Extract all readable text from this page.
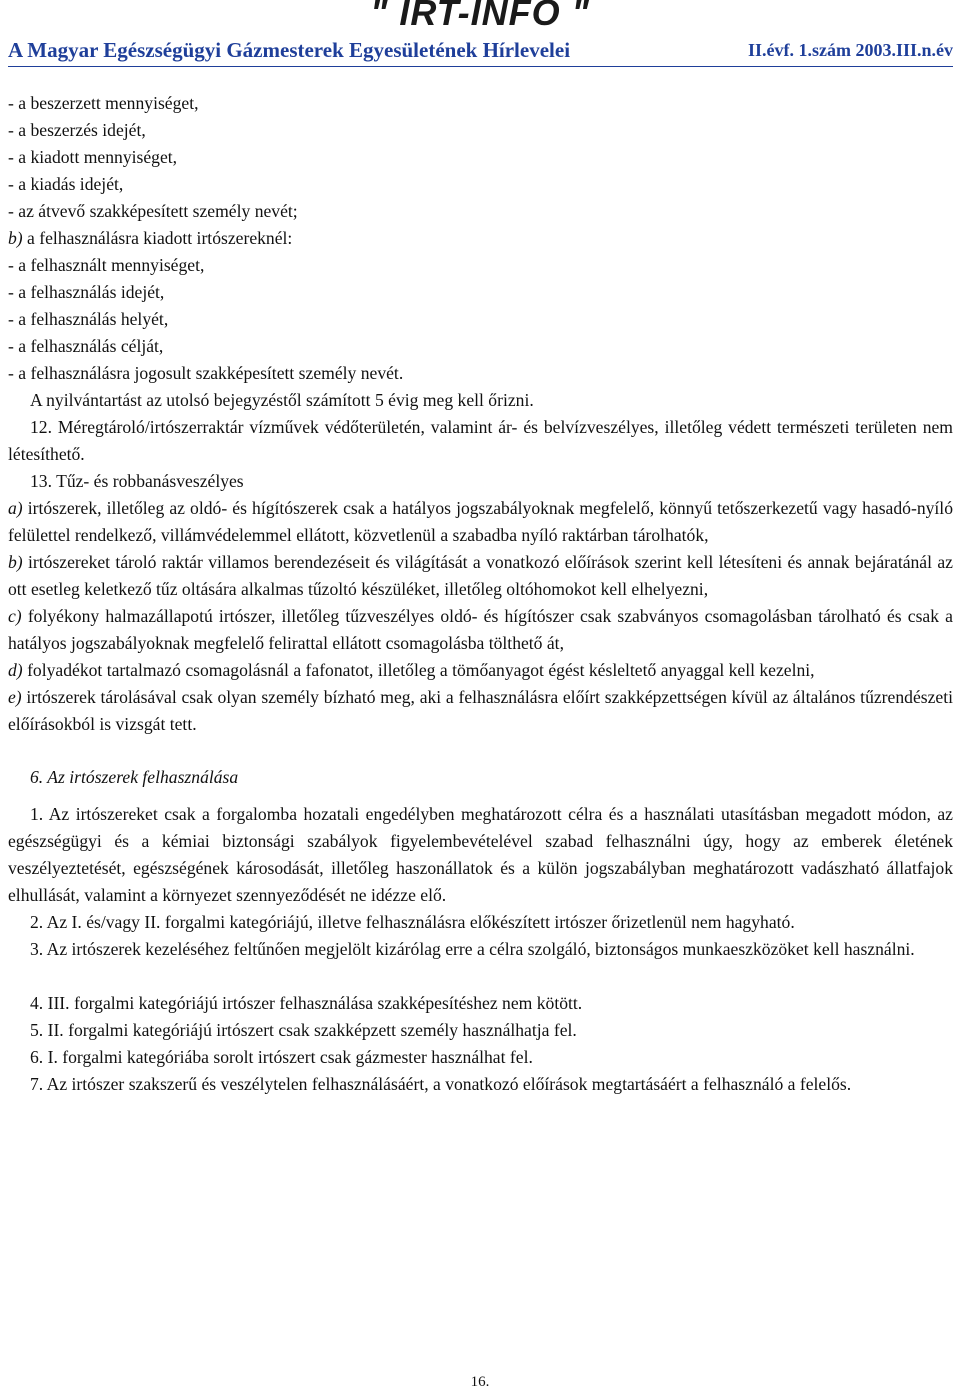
" IRT-INFO "
A Magyar Egészségügyi Gázmesterek Egyesületének Hírlevelei	II.évf. 1.szám 2003.III.n.év

- a beszerzett mennyiséget,

- a beszerzés idejét,

- a kiadott mennyiséget,

- a kiadás idejét,

- az átvevő szakképesített személy nevét;

b) a felhasználásra kiadott irtószereknél:

- a felhasznált mennyiséget,

- a felhasználás idejét,

- a felhasználás helyét,

- a felhasználás célját,

- a felhasználásra jogosult szakképesített személy nevét.

A nyilvántartást az utolsó bejegyzéstől számított 5 évig meg kell őrizni.

12. Méregtároló/irtószerraktár vízművek védőterületén, valamint ár- és belvízveszélyes, illetőleg védett természeti területen nem létesíthető.

13. Tűz- és robbanásveszélyes

a) irtószerek, illetőleg az oldó- és hígítószerek csak a hatályos jogszabályoknak megfelelő, könnyű tetőszerkezetű vagy hasadó-nyíló felülettel rendelkező, villámvédelemmel ellátott, közvetlenül a szabadba nyíló raktárban tárolhatók,

b) irtószereket tároló raktár villamos berendezéseit és világítását a vonatkozó előírások szerint kell létesíteni és annak bejáratánál az ott esetleg keletkező tűz oltására alkalmas tűzoltó készüléket, illetőleg oltóhomokot kell elhelyezni,

c) folyékony halmazállapotú irtószer, illetőleg tűzveszélyes oldó- és hígítószer csak szabványos csomagolásban tárolható és csak a hatályos jogszabályoknak megfelelő felirattal ellátott csomagolásba tölthető át,

d) folyadékot tartalmazó csomagolásnál a fafonatot, illetőleg a tömőanyagot égést késleltető anyaggal kell kezelni,

e) irtószerek tárolásával csak olyan személy bízható meg, aki a felhasználásra előírt szakképzettségen kívül az általános tűzrendészeti előírásokból is vizsgát tett.

6. Az irtószerek felhasználása

1. Az irtószereket csak a forgalomba hozatali engedélyben meghatározott célra és a használati utasításban megadott módon, az egészségügyi és a kémiai biztonsági szabályok figyelembevételével szabad felhasználni úgy, hogy az emberek életének veszélyeztetését, egészségének károsodását, illetőleg haszonállatok és a külön jogszabályban meghatározott vadászható állatfajok elhullását, valamint a környezet szennyeződését ne idézze elő.

2. Az I. és/vagy II. forgalmi kategóriájú, illetve felhasználásra előkészített irtószer őrizetlenül nem hagyható.

3. Az irtószerek kezeléséhez feltűnően megjelölt kizárólag erre a célra szolgáló, biztonságos munkaeszközöket kell használni.

4. III. forgalmi kategóriájú irtószer felhasználása szakképesítéshez nem kötött.

5. II. forgalmi kategóriájú irtószert csak szakképzett személy használhatja fel.

6. I. forgalmi kategóriába sorolt irtószert csak gázmester használhat fel.

7. Az irtószer szakszerű és veszélytelen felhasználásáért, a vonatkozó előírások megtartásáért a felhasználó a felelős.

16.
